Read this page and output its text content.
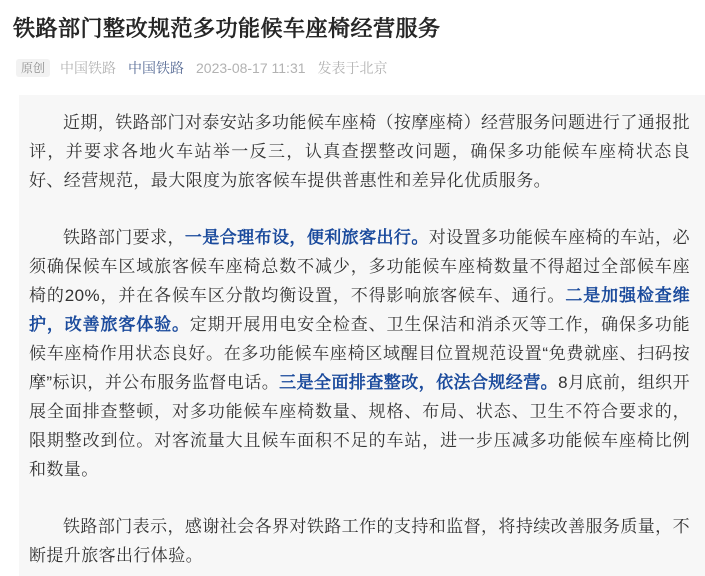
铁路部门整改规范多功能候车座椅经营服务
原创	中国铁路 中国铁路 2023-08-17 11:31 发表于北京

近期，铁路部门对泰安站多功能候车座椅（按摩座椅）经营服务问题进行了通报批评，并要求各地火车站举一反三，认真查摆整改问题，确保多功能候车座椅状态良好、经营规范，最大限度为旅客候车提供普惠性和差异化优质服务。

铁路部门要求，一是合理布设，便利旅客出行。对设置多功能候车座椅的车站，必须确保候车区域旅客候车座椅总数不减少，多功能候车座椅数量不得超过全部候车座椅的20%，并在各候车区分散均衡设置，不得影响旅客候车、通行。二是加强检查维护，改善旅客体验。定期开展用电安全检查、卫生保洁和消杀灭等工作，确保多功能候车座椅作用状态良好。在多功能候车座椅区域醒目位置规范设置“免费就座、扫码按摩”标识，并公布服务监督电话。三是全面排查整改，依法合规经营。8月底前，组织开展全面排查整顿，对多功能候车座椅数量、规格、布局、状态、卫生不符合要求的，限期整改到位。对客流量大且候车面积不足的车站，进一步压减多功能候车座椅比例和数量。

铁路部门表示，感谢社会各界对铁路工作的支持和监督，将持续改善服务质量，不断提升旅客出行体验。
